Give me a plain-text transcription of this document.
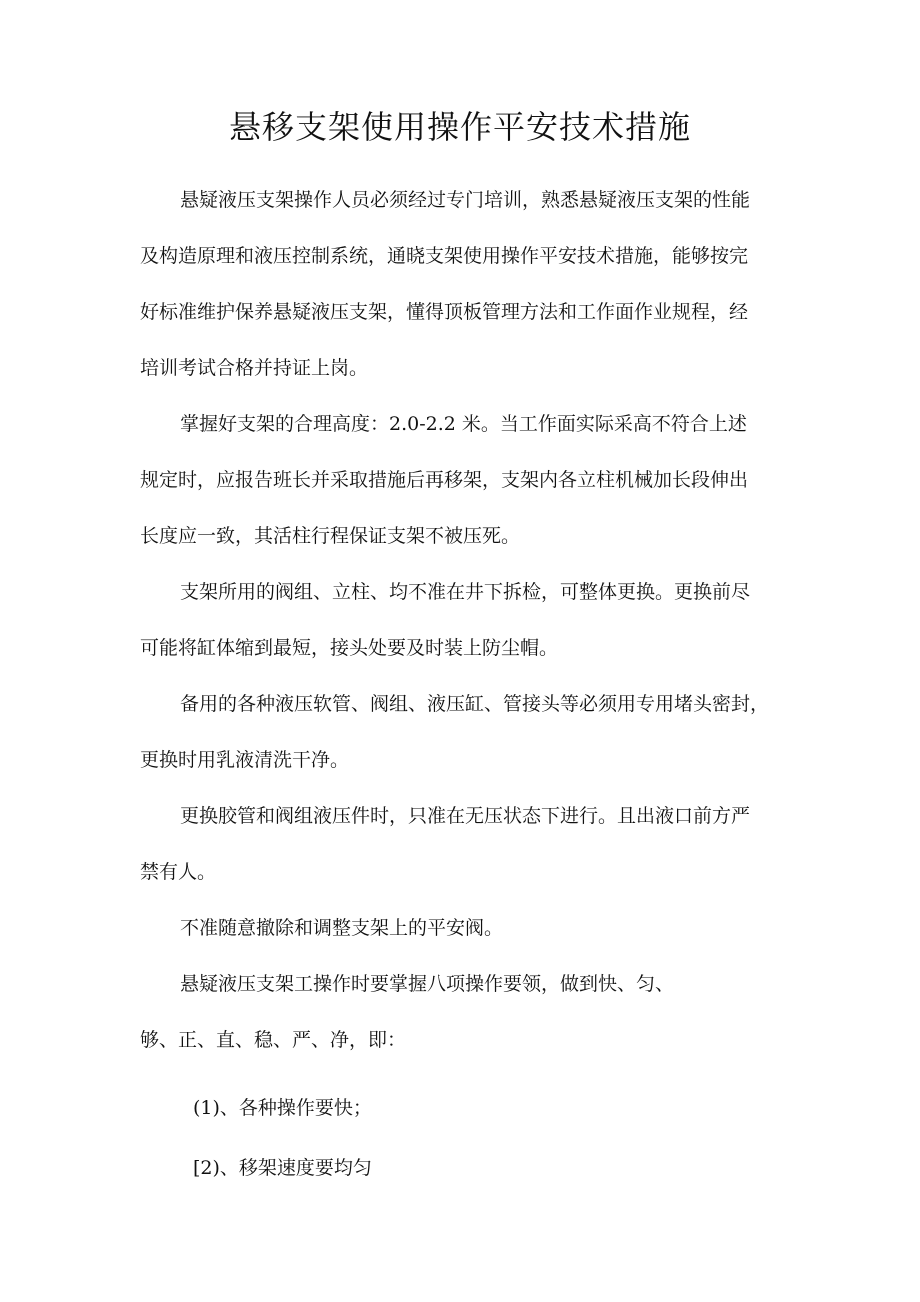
悬移支架使用操作平安技术措施

悬疑液压支架操作人员必须经过专门培训，熟悉悬疑液压支架的性能
及构造原理和液压控制系统，通晓支架使用操作平安技术措施，能够按完
好标准维护保养悬疑液压支架，懂得顶板管理方法和工作面作业规程，经
培训考试合格并持证上岗。

掌握好支架的合理高度：2.0-2.2 米。当工作面实际采高不符合上述
规定时，应报告班长并采取措施后再移架，支架内各立柱机械加长段伸出
长度应一致，其活柱行程保证支架不被压死。

支架所用的阀组、立柱、均不准在井下拆检，可整体更换。更换前尽
可能将缸体缩到最短，接头处要及时装上防尘帽。

备用的各种液压软管、阀组、液压缸、管接头等必须用专用堵头密封，
更换时用乳液清洗干净。

更换胶管和阀组液压件时，只准在无压状态下进行。且出液口前方严
禁有人。

不准随意撤除和调整支架上的平安阀。

悬疑液压支架工操作时要掌握八项操作要领，做到快、匀、
够、正、直、稳、严、净，即：

(1)、各种操作要快；

[2)、移架速度要均匀
